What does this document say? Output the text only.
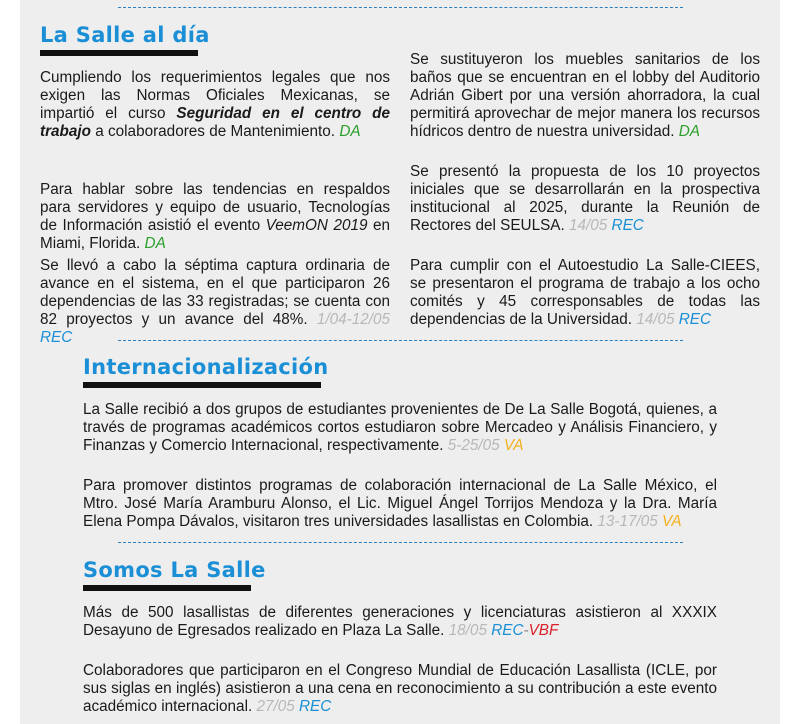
La Salle al día

Cumpliendo los requerimientos legales que nos exigen las Normas Oficiales Mexicanas, se impartió el curso Seguridad en el centro de trabajo a colaboradores de Mantenimiento. DA

Para hablar sobre las tendencias en respaldos para servidores y equipo de usuario, Tecnologías de Información asistió el evento VeemON 2019 en Miami, Florida. DA

Se llevó a cabo la séptima captura ordinaria de avance en el sistema, en el que participaron 26 dependencias de las 33 registradas; se cuenta con 82 proyectos y un avance del 48%. 1/04-12/05 REC

Se sustituyeron los muebles sanitarios de los baños que se encuentran en el lobby del Auditorio Adrián Gibert por una versión ahorradora, la cual permitirá aprovechar de mejor manera los recursos hídricos dentro de nuestra universidad. DA

Se presentó la propuesta de los 10 proyectos iniciales que se desarrollarán en la prospectiva institucional al 2025, durante la Reunión de Rectores del SEULSA. 14/05 REC

Para cumplir con el Autoestudio La Salle-CIEES, se presentaron el programa de trabajo a los ocho comités y 45 corresponsables de todas las dependencias de la Universidad. 14/05 REC

Internacionalización

La Salle recibió a dos grupos de estudiantes provenientes de De La Salle Bogotá, quienes, a través de programas académicos cortos estudiaron sobre Mercadeo y Análisis Financiero, y Finanzas y Comercio Internacional, respectivamente. 5-25/05 VA

Para promover distintos programas de colaboración internacional de La Salle México, el Mtro. José María Aramburu Alonso, el Lic. Miguel Ángel Torrijos Mendoza y la Dra. María Elena Pompa Dávalos, visitaron tres universidades lasallistas en Colombia. 13-17/05 VA

Somos La Salle

Más de 500 lasallistas de diferentes generaciones y licenciaturas asistieron al XXXIX Desayuno de Egresados realizado en Plaza La Salle. 18/05 REC-VBF

Colaboradores que participaron en el Congreso Mundial de Educación Lasallista (ICLE, por sus siglas en inglés) asistieron a una cena en reconocimiento a su contribución a este evento académico internacional. 27/05 REC
